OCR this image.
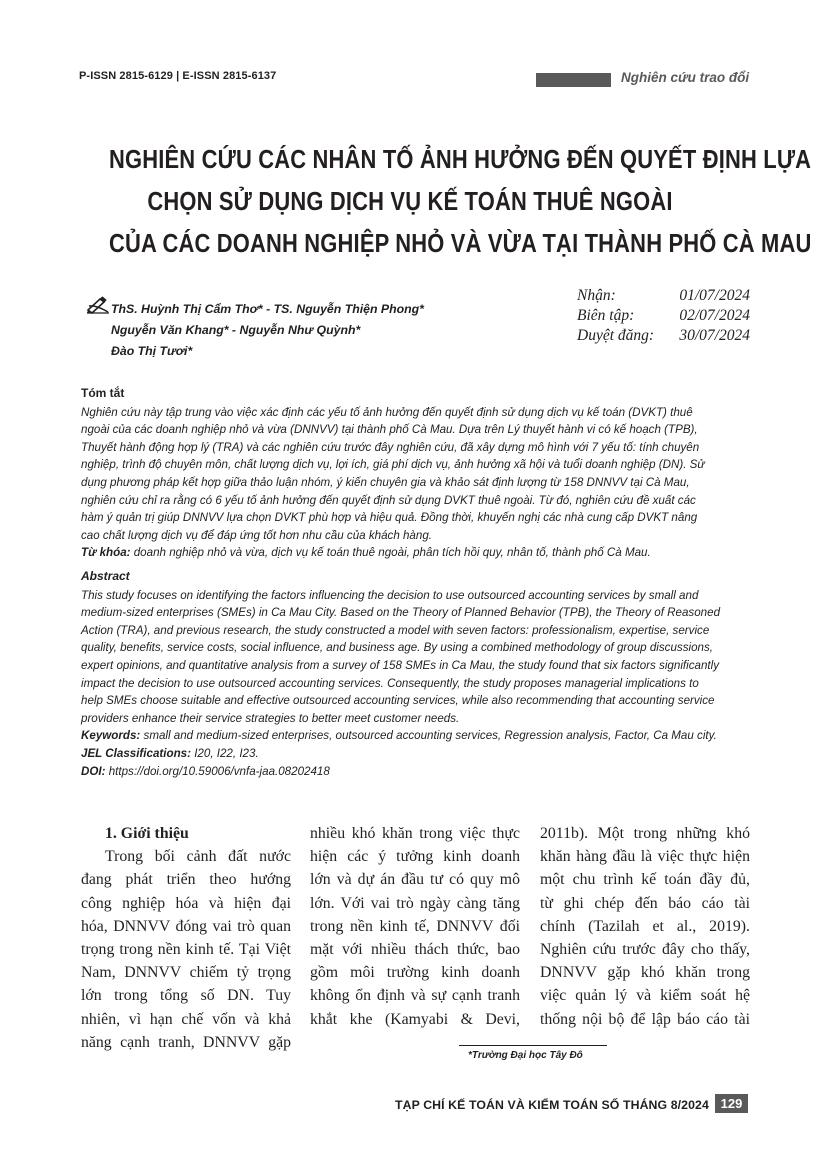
P-ISSN 2815-6129 | E-ISSN 2815-6137	Nghiên cứu trao đổi
NGHIÊN CỨU CÁC NHÂN TỐ ẢNH HƯỞNG ĐẾN QUYẾT ĐỊNH LỰA
CHỌN SỬ DỤNG DỊCH VỤ KẾ TOÁN THUÊ NGOÀI
CỦA CÁC DOANH NGHIỆP NHỎ VÀ VỪA TẠI THÀNH PHỐ CÀ MAU
ThS. Huỳnh Thị Cẩm Thơ* - TS. Nguyễn Thiện Phong*
Nguyễn Văn Khang* - Nguyễn Như Quỳnh*
Đào Thị Tươi*
Nhận:	01/07/2024
Biên tập:	02/07/2024
Duyệt đăng:	30/07/2024
Tóm tắt
Nghiên cứu này tập trung vào việc xác định các yếu tố ảnh hưởng đến quyết định sử dụng dịch vụ kế toán (DVKT) thuê
ngoài của các doanh nghiệp nhỏ và vừa (DNNVV) tại thành phố Cà Mau. Dựa trên Lý thuyết hành vi có kế hoạch (TPB),
Thuyết hành động hợp lý (TRA) và các nghiên cứu trước đây nghiên cứu, đã xây dựng mô hình với 7 yếu tố: tính chuyên
nghiệp, trình độ chuyên môn, chất lượng dịch vụ, lợi ích, giá phí dịch vụ, ảnh hưởng xã hội và tuổi doanh nghiệp (DN). Sử
dụng phương pháp kết hợp giữa thảo luận nhóm, ý kiến chuyên gia và khảo sát định lượng từ 158 DNNVV tại Cà Mau,
nghiên cứu chỉ ra rằng có 6 yếu tố ảnh hưởng đến quyết định sử dụng DVKT thuê ngoài. Từ đó, nghiên cứu đề xuất các
hàm ý quản trị giúp DNNVV lựa chọn DVKT phù hợp và hiệu quả. Đồng thời, khuyến nghị các nhà cung cấp DVKT nâng
cao chất lượng dịch vụ để đáp ứng tốt hơn nhu cầu của khách hàng.
Từ khóa: doanh nghiệp nhỏ và vừa, dịch vụ kế toán thuê ngoài, phân tích hồi quy, nhân tố, thành phố Cà Mau.
Abstract
This study focuses on identifying the factors influencing the decision to use outsourced accounting services by small and
medium-sized enterprises (SMEs) in Ca Mau City. Based on the Theory of Planned Behavior (TPB), the Theory of Reasoned
Action (TRA), and previous research, the study constructed a model with seven factors: professionalism, expertise, service
quality, benefits, service costs, social influence, and business age. By using a combined methodology of group discussions,
expert opinions, and quantitative analysis from a survey of 158 SMEs in Ca Mau, the study found that six factors significantly
impact the decision to use outsourced accounting services. Consequently, the study proposes managerial implications to
help SMEs choose suitable and effective outsourced accounting services, while also recommending that accounting service
providers enhance their service strategies to better meet customer needs.
Keywords: small and medium-sized enterprises, outsourced accounting services, Regression analysis, Factor, Ca Mau city.
JEL Classifications: I20, I22, I23.
DOI: https://doi.org/10.59006/vnfa-jaa.08202418
1. Giới thiệu
Trong bối cảnh đất nước
đang phát triển theo hướng
công nghiệp hóa và hiện đại
hóa, DNNVV đóng vai trò quan
trọng trong nền kinh tế. Tại Việt
Nam, DNNVV chiếm tỷ trọng
lớn trong tổng số DN. Tuy
nhiên, vì hạn chế vốn và khả
năng cạnh tranh, DNNVV gặp
nhiều khó khăn trong việc thực
hiện các ý tưởng kinh doanh
lớn và dự án đầu tư có quy mô
lớn. Với vai trò ngày càng tăng
trong nền kinh tế, DNNVV đối
mặt với nhiều thách thức, bao
gồm môi trường kinh doanh
không ổn định và sự cạnh tranh
khắt khe (Kamyabi & Devi,
2011b). Một trong những khó
khăn hàng đầu là việc thực hiện
một chu trình kế toán đầy đủ,
từ ghi chép đến báo cáo tài
chính (Tazilah et al., 2019).
Nghiên cứu trước đây cho thấy,
DNNVV gặp khó khăn trong
việc quản lý và kiểm soát hệ
thống nội bộ để lập báo cáo tài
*Trường Đại học Tây Đô
TẠP CHÍ KẾ TOÁN VÀ KIỂM TOÁN SỐ THÁNG 8/2024 129
